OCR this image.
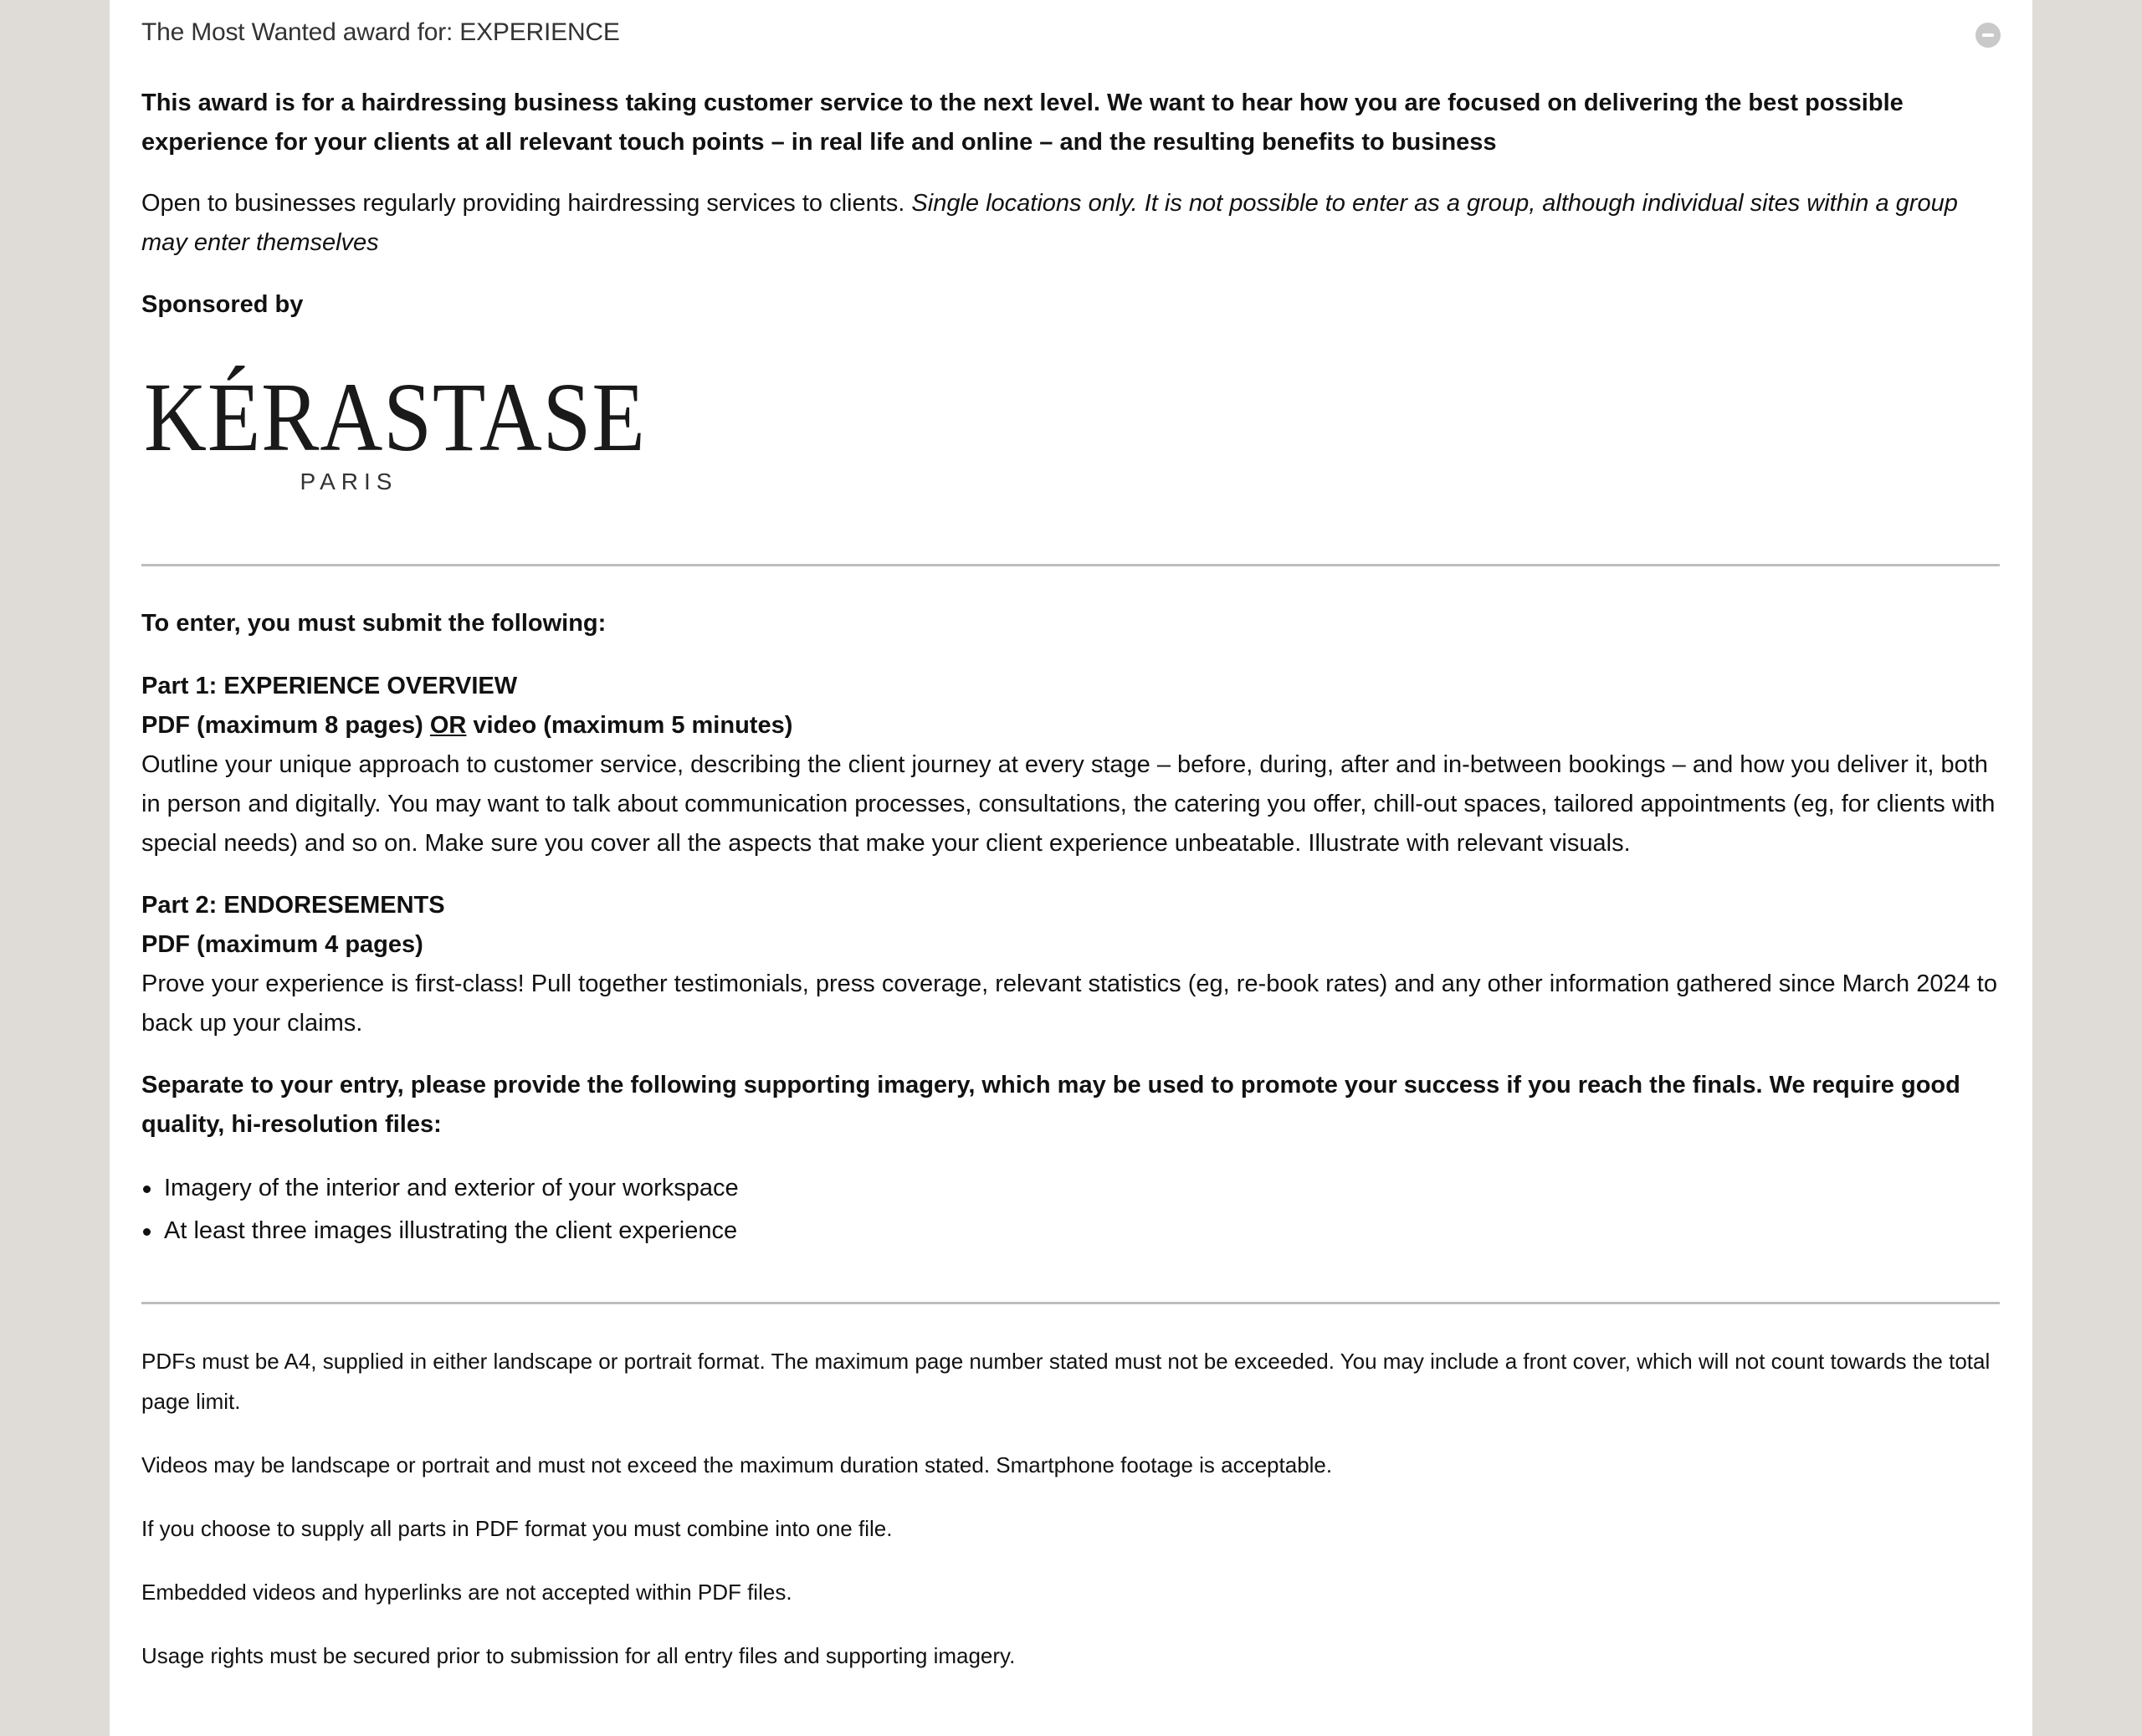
The Most Wanted award for: EXPERIENCE

This award is for a hairdressing business taking customer service to the next level. We want to hear how you are focused on delivering the best possible experience for your clients at all relevant touch points – in real life and online – and the resulting benefits to business

Open to businesses regularly providing hairdressing services to clients. Single locations only. It is not possible to enter as a group, although individual sites within a group may enter themselves

Sponsored by

KÉRASTASE
PARIS

To enter, you must submit the following:

Part 1: EXPERIENCE OVERVIEW

PDF (maximum 8 pages) OR video (maximum 5 minutes)

Outline your unique approach to customer service, describing the client journey at every stage – before, during, after and in-between bookings – and how you deliver it, both in person and digitally. You may want to talk about communication processes, consultations, the catering you offer, chill-out spaces, tailored appointments (eg, for clients with special needs) and so on. Make sure you cover all the aspects that make your client experience unbeatable. Illustrate with relevant visuals.

Part 2: ENDORESEMENTS

PDF (maximum 4 pages)

Prove your experience is first-class! Pull together testimonials, press coverage, relevant statistics (eg, re-book rates) and any other information gathered since March 2024 to back up your claims.

Separate to your entry, please provide the following supporting imagery, which may be used to promote your success if you reach the finals. We require good quality, hi-resolution files:

Imagery of the interior and exterior of your workspace
At least three images illustrating the client experience

PDFs must be A4, supplied in either landscape or portrait format. The maximum page number stated must not be exceeded. You may include a front cover, which will not count towards the total page limit.

Videos may be landscape or portrait and must not exceed the maximum duration stated. Smartphone footage is acceptable.

If you choose to supply all parts in PDF format you must combine into one file.

Embedded videos and hyperlinks are not accepted within PDF files.

Usage rights must be secured prior to submission for all entry files and supporting imagery.
